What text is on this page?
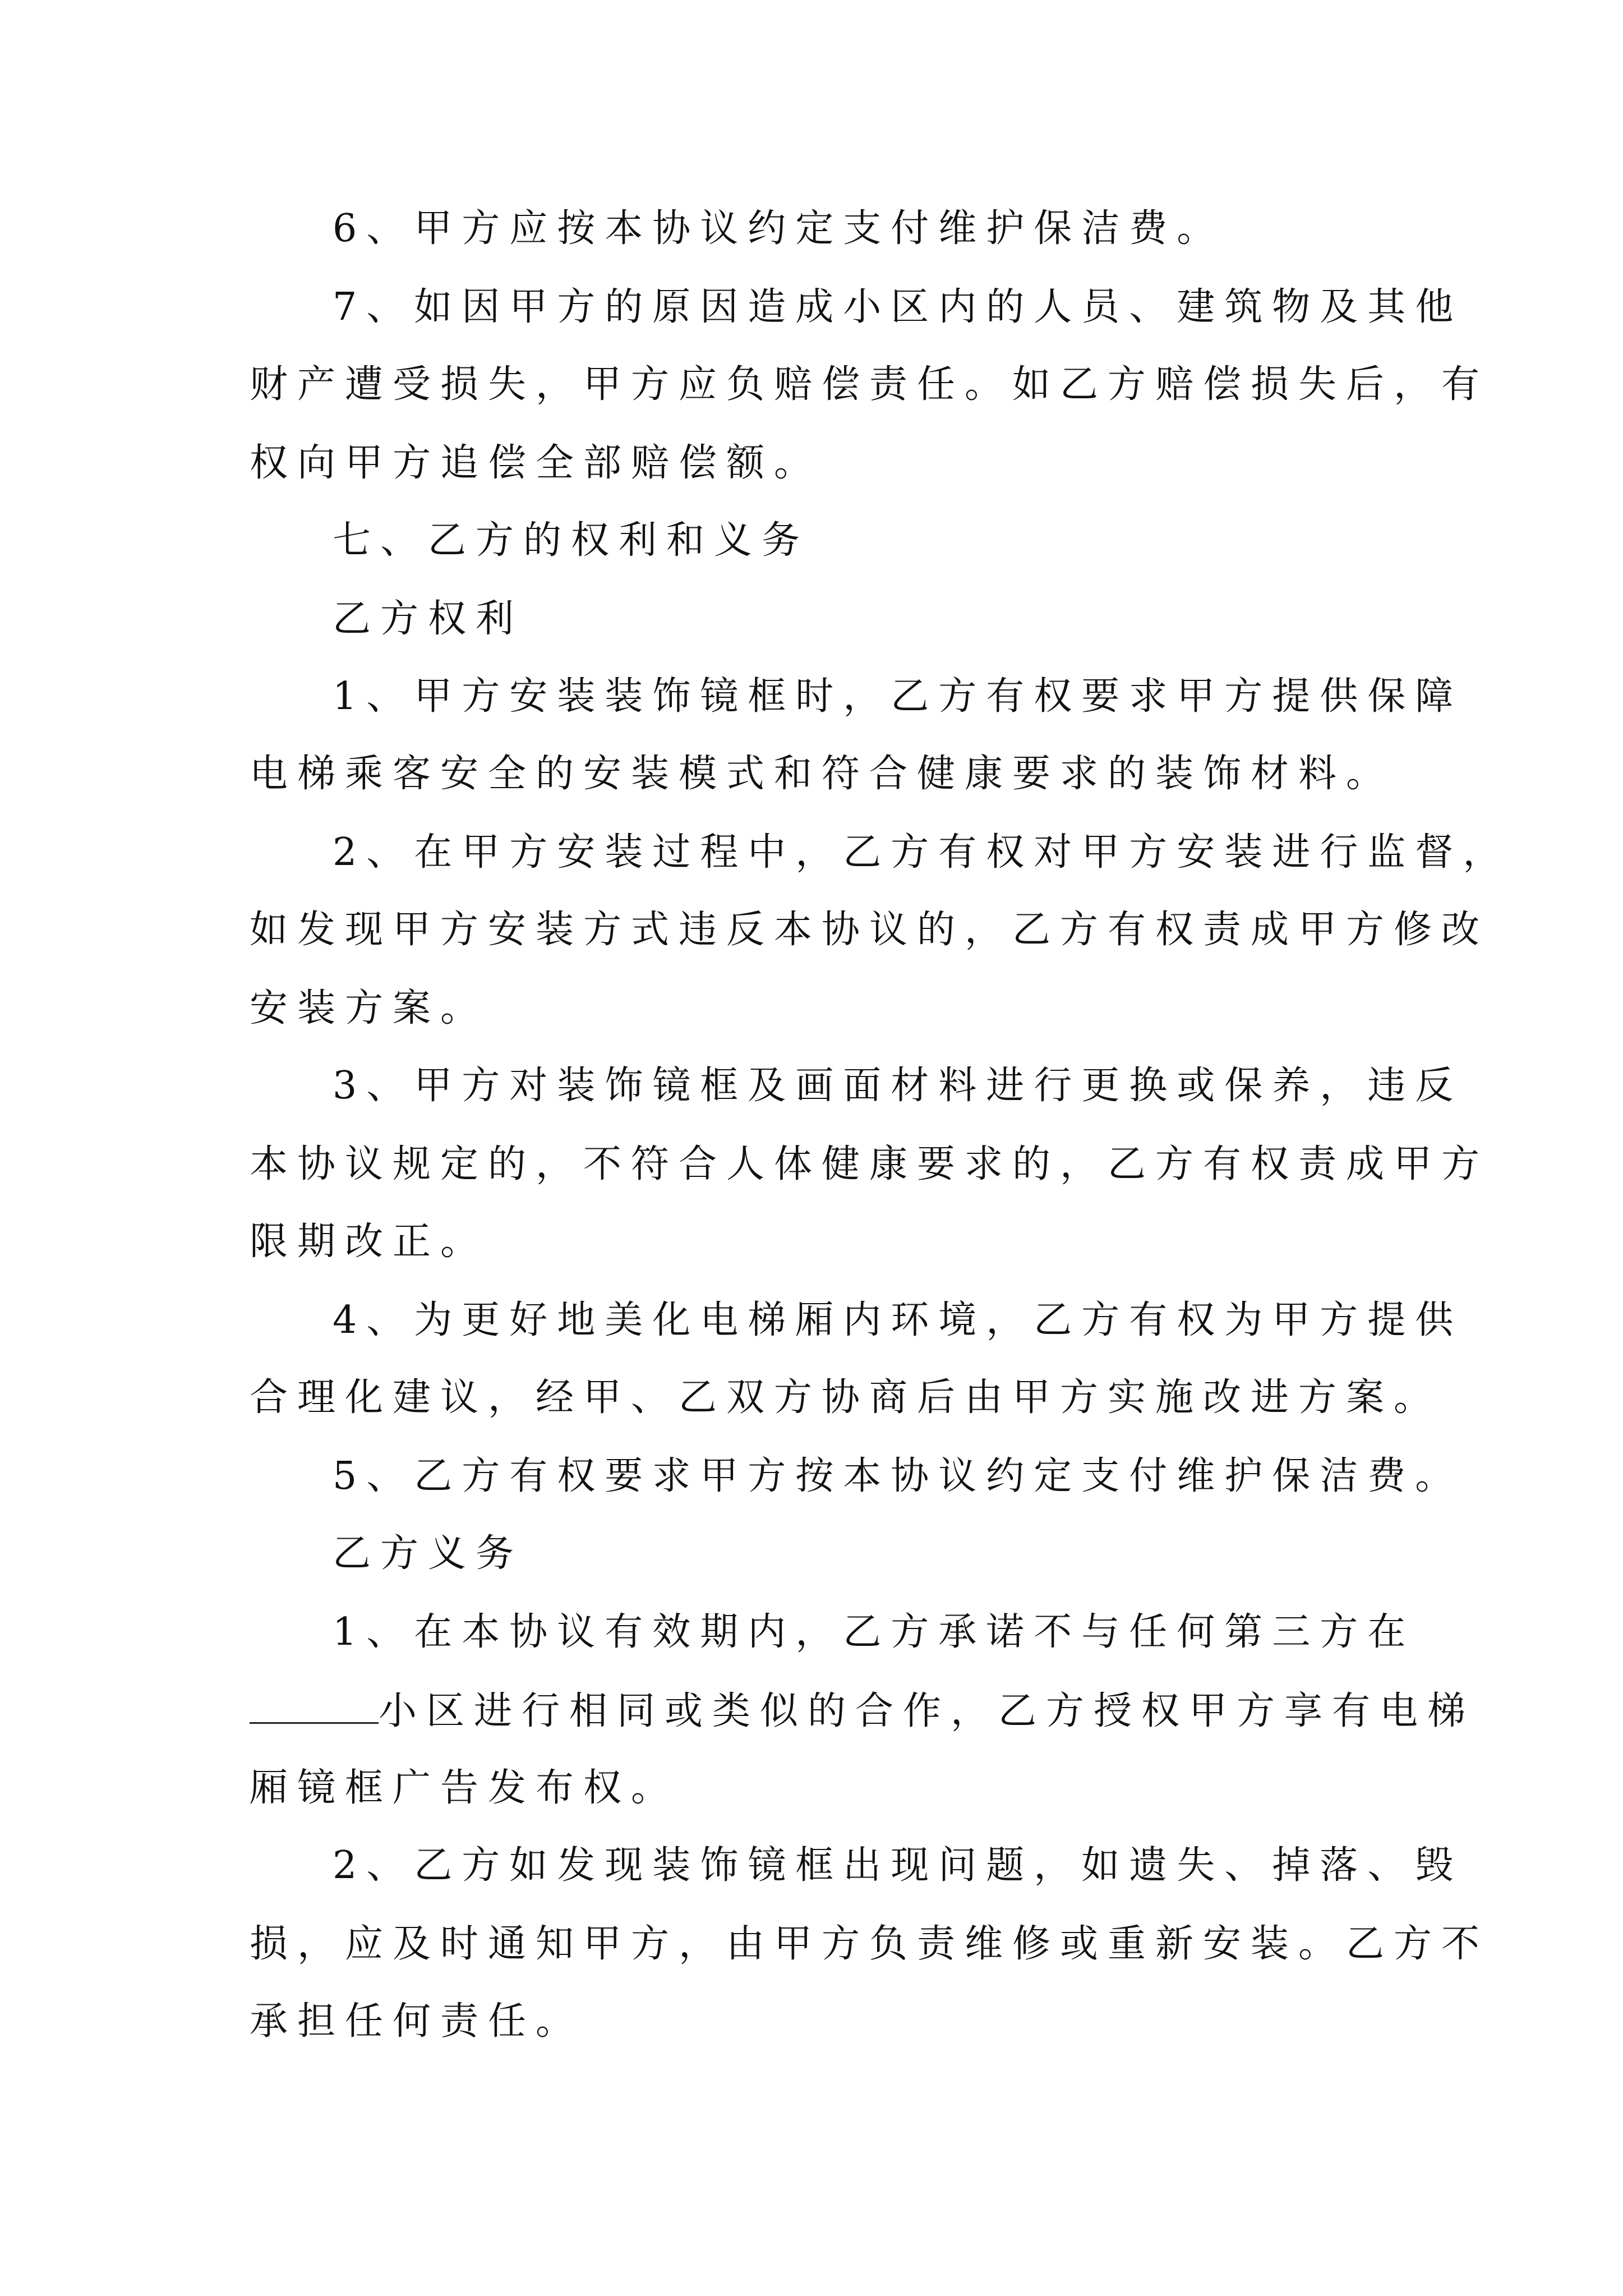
6、甲方应按本协议约定支付维护保洁费。
7、如因甲方的原因造成小区内的人员、建筑物及其他
财产遭受损失，甲方应负赔偿责任。如乙方赔偿损失后，有
权向甲方追偿全部赔偿额。
七、乙方的权利和义务
乙方权利
1、甲方安装装饰镜框时，乙方有权要求甲方提供保障
电梯乘客安全的安装模式和符合健康要求的装饰材料。
2、在甲方安装过程中，乙方有权对甲方安装进行监督，
如发现甲方安装方式违反本协议的，乙方有权责成甲方修改
安装方案。
3、甲方对装饰镜框及画面材料进行更换或保养，违反
本协议规定的，不符合人体健康要求的，乙方有权责成甲方
限期改正。
4、为更好地美化电梯厢内环境，乙方有权为甲方提供
合理化建议，经甲、乙双方协商后由甲方实施改进方案。
5、乙方有权要求甲方按本协议约定支付维护保洁费。
乙方义务
1、在本协议有效期内，乙方承诺不与任何第三方在
小区进行相同或类似的合作，乙方授权甲方享有电梯
厢镜框广告发布权。
2、乙方如发现装饰镜框出现问题，如遗失、掉落、毁
损，应及时通知甲方，由甲方负责维修或重新安装。乙方不
承担任何责任。
